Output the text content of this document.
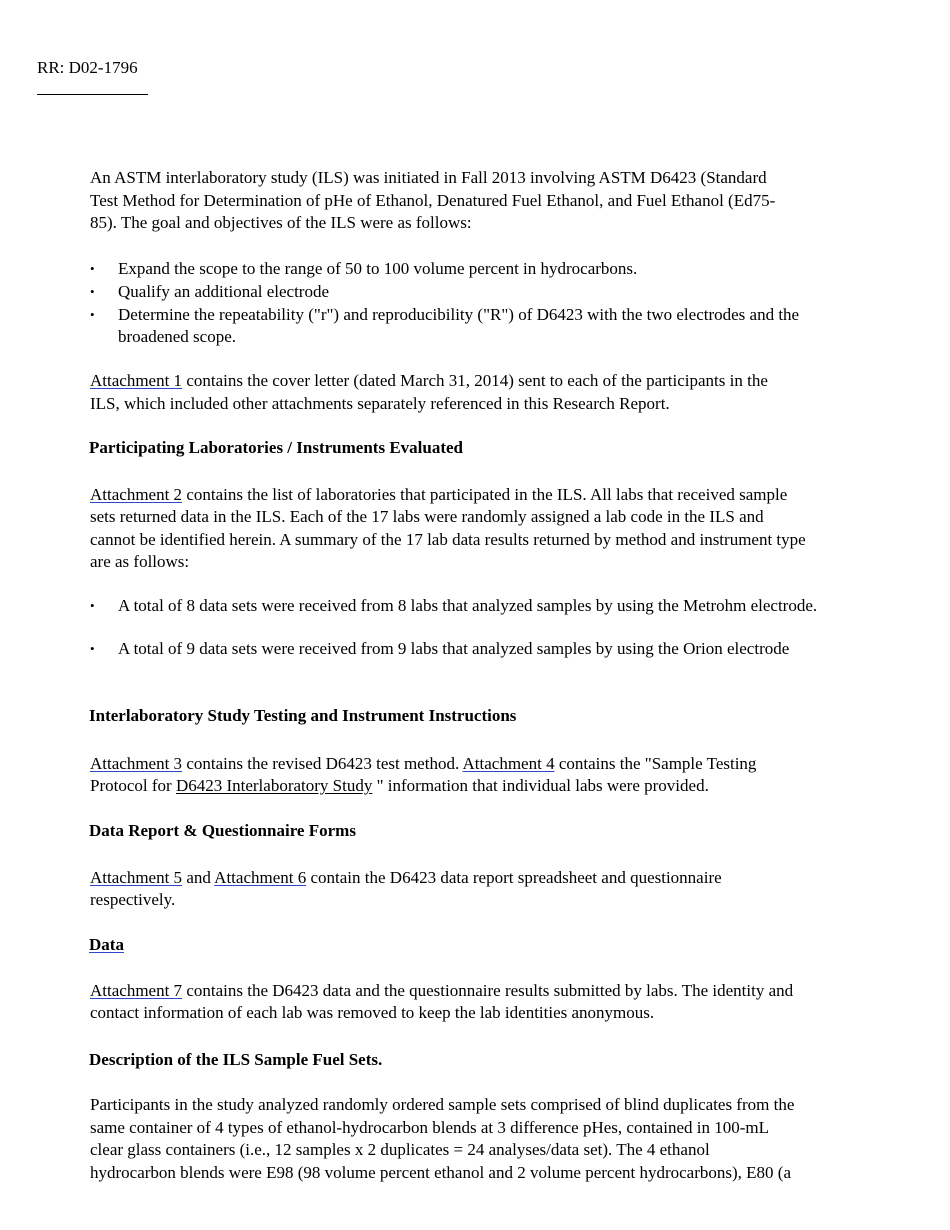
RR: D02-1796
An ASTM interlaboratory study (ILS) was initiated in Fall 2013 involving ASTM D6423 (Standard
Test Method for Determination of pHe of Ethanol, Denatured Fuel Ethanol, and Fuel Ethanol (Ed75-
85). The goal and objectives of the ILS were as follows:
Expand the scope to the range of 50 to 100 volume percent in hydrocarbons.
•
Qualify an additional electrode
•
Determine the repeatability ("r") and reproducibility ("R") of D6423 with the two electrodes and the
•
broadened scope.
Attachment 1 contains the cover letter (dated March 31, 2014) sent to each of the participants in the
ILS, which included other attachments separately referenced in this Research Report.
Participating Laboratories / Instruments Evaluated
Attachment 2 contains the list of laboratories that participated in the ILS. All labs that received sample
sets returned data in the ILS. Each of the 17 labs were randomly assigned a lab code in the ILS and
cannot be identified herein. A summary of the 17 lab data results returned by method and instrument type
are as follows:
A total of 8 data sets were received from 8 labs that analyzed samples by using the Metrohm electrode.
•
A total of 9 data sets were received from 9 labs that analyzed samples by using the Orion electrode
•
Interlaboratory Study Testing and Instrument Instructions
Attachment 3 contains the revised D6423 test method. Attachment 4 contains the "Sample Testing
Protocol for D6423 Interlaboratory Study " information that individual labs were provided.
Data Report & Questionnaire Forms
Attachment 5 and Attachment 6 contain the D6423 data report spreadsheet and questionnaire
respectively.
Data
Attachment 7 contains the D6423 data and the questionnaire results submitted by labs. The identity and
contact information of each lab was removed to keep the lab identities anonymous.
Description of the ILS Sample Fuel Sets.
Participants in the study analyzed randomly ordered sample sets comprised of blind duplicates from the
same container of 4 types of ethanol-hydrocarbon blends at 3 difference pHes, contained in 100-mL
clear glass containers (i.e., 12 samples x 2 duplicates = 24 analyses/data set). The 4 ethanol
hydrocarbon blends were E98 (98 volume percent ethanol and 2 volume percent hydrocarbons), E80 (a
